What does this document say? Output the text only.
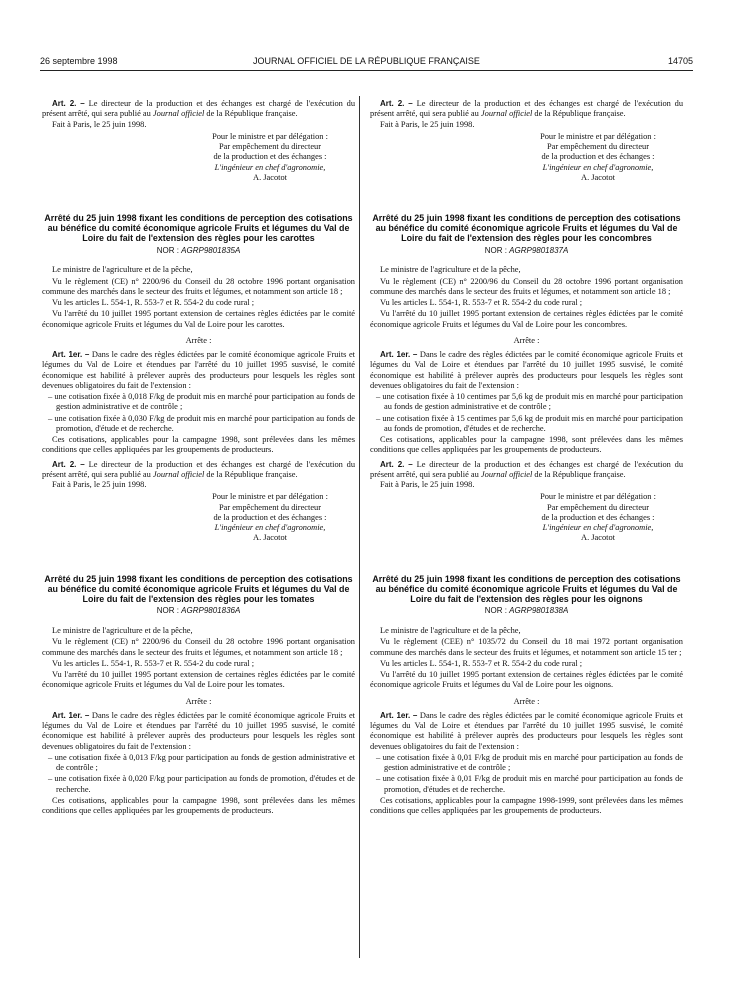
26 septembre 1998	JOURNAL OFFICIEL DE LA RÉPUBLIQUE FRANÇAISE	14705

Art. 2. – Le directeur de la production et des échanges est chargé de l'exécution du présent arrêté, qui sera publié au Journal officiel de la République française.

Fait à Paris, le 25 juin 1998.

Pour le ministre et par délégation :
Par empêchement du directeur
de la production et des échanges :
L'ingénieur en chef d'agronomie,
A. Jacotot
Arrêté du 25 juin 1998 fixant les conditions de perception des cotisations au bénéfice du comité économique agricole Fruits et légumes du Val de Loire du fait de l'extension des règles pour les carottes
NOR : AGRP9801835A

Le ministre de l'agriculture et de la pêche,

Vu le règlement (CE) n° 2200/96 du Conseil du 28 octobre 1996 portant organisation commune des marchés dans le secteur des fruits et légumes, et notamment son article 18 ;

Vu les articles L. 554-1, R. 553-7 et R. 554-2 du code rural ;

Vu l'arrêté du 10 juillet 1995 portant extension de certaines règles édictées par le comité économique agricole Fruits et légumes du Val de Loire pour les carottes.

Arrête :

Art. 1er. – Dans le cadre des règles édictées par le comité économique agricole Fruits et légumes du Val de Loire et étendues par l'arrêté du 10 juillet 1995 susvisé, le comité économique est habilité à prélever auprès des producteurs pour lesquels les règles sont devenues obligatoires du fait de l'extension :

– une cotisation fixée à 0,018 F/kg de produit mis en marché pour participation au fonds de gestion administrative et de contrôle ;
– une cotisation fixée à 0,030 F/kg de produit mis en marché pour participation au fonds de promotion, d'étude et de recherche.

Ces cotisations, applicables pour la campagne 1998, sont prélevées dans les mêmes conditions que celles appliquées par les groupements de producteurs.

Art. 2. – Le directeur de la production et des échanges est chargé de l'exécution du présent arrêté, qui sera publié au Journal officiel de la République française.

Fait à Paris, le 25 juin 1998.

Pour le ministre et par délégation :
Par empêchement du directeur
de la production et des échanges :
L'ingénieur en chef d'agronomie,
A. Jacotot
Arrêté du 25 juin 1998 fixant les conditions de perception des cotisations au bénéfice du comité économique agricole Fruits et légumes du Val de Loire du fait de l'extension des règles pour les tomates
NOR : AGRP9801836A

Le ministre de l'agriculture et de la pêche,

Vu le règlement (CE) n° 2200/96 du Conseil du 28 octobre 1996 portant organisation commune des marchés dans le secteur des fruits et légumes, et notamment son article 18 ;

Vu les articles L. 554-1, R. 553-7 et R. 554-2 du code rural ;

Vu l'arrêté du 10 juillet 1995 portant extension de certaines règles édictées par le comité économique agricole Fruits et légumes du Val de Loire pour les tomates.

Arrête :

Art. 1er. – Dans le cadre des règles édictées par le comité économique agricole Fruits et légumes du Val de Loire et étendues par l'arrêté du 10 juillet 1995 susvisé, le comité économique est habilité à prélever auprès des producteurs pour lesquels les règles sont devenues obligatoires du fait de l'extension :

– une cotisation fixée à 0,013 F/kg pour participation au fonds de gestion administrative et de contrôle ;
– une cotisation fixée à 0,020 F/kg pour participation au fonds de promotion, d'études et de recherche.

Ces cotisations, applicables pour la campagne 1998, sont prélevées dans les mêmes conditions que celles appliquées par les groupements de producteurs.

Art. 2. – Le directeur de la production et des échanges est chargé de l'exécution du présent arrêté, qui sera publié au Journal officiel de la République française.

Fait à Paris, le 25 juin 1998.

Pour le ministre et par délégation :
Par empêchement du directeur
de la production et des échanges :
L'ingénieur en chef d'agronomie,
A. Jacotot
Arrêté du 25 juin 1998 fixant les conditions de perception des cotisations au bénéfice du comité économique agricole Fruits et légumes du Val de Loire du fait de l'extension des règles pour les concombres
NOR : AGRP9801837A

Le ministre de l'agriculture et de la pêche,

Vu le règlement (CE) n° 2200/96 du Conseil du 28 octobre 1996 portant organisation commune des marchés dans le secteur des fruits et légumes, et notamment son article 18 ;

Vu les articles L. 554-1, R. 553-7 et R. 554-2 du code rural ;

Vu l'arrêté du 10 juillet 1995 portant extension de certaines règles édictées par le comité économique agricole Fruits et légumes du Val de Loire pour les concombres.

Arrête :

Art. 1er. – Dans le cadre des règles édictées par le comité économique agricole Fruits et légumes du Val de Loire et étendues par l'arrêté du 10 juillet 1995 susvisé, le comité économique est habilité à prélever auprès des producteurs pour lesquels les règles sont devenues obligatoires du fait de l'extension :

– une cotisation fixée à 10 centimes par 5,6 kg de produit mis en marché pour participation au fonds de gestion administrative et de contrôle ;
– une cotisation fixée à 15 centimes par 5,6 kg de produit mis en marché pour participation au fonds de promotion, d'études et de recherche.

Ces cotisations, applicables pour la campagne 1998, sont prélevées dans les mêmes conditions que celles appliquées par les groupements de producteurs.

Art. 2. – Le directeur de la production et des échanges est chargé de l'exécution du présent arrêté, qui sera publié au Journal officiel de la République française.

Fait à Paris, le 25 juin 1998.

Pour le ministre et par délégation :
Par empêchement du directeur
de la production et des échanges :
L'ingénieur en chef d'agronomie,
A. Jacotot
Arrêté du 25 juin 1998 fixant les conditions de perception des cotisations au bénéfice du comité économique agricole Fruits et légumes du Val de Loire du fait de l'extension des règles pour les oignons
NOR : AGRP9801838A

Le ministre de l'agriculture et de la pêche,

Vu le règlement (CEE) n° 1035/72 du Conseil du 18 mai 1972 portant organisation commune des marchés dans le secteur des fruits et légumes, et notamment son article 15 ter ;

Vu les articles L. 554-1, R. 553-7 et R. 554-2 du code rural ;

Vu l'arrêté du 10 juillet 1995 portant extension de certaines règles édictées par le comité économique agricole Fruits et légumes du Val de Loire pour les oignons.

Arrête :

Art. 1er. – Dans le cadre des règles édictées par le comité économique agricole Fruits et légumes du Val de Loire et étendues par l'arrêté du 10 juillet 1995 susvisé, le comité économique est habilité à prélever auprès des producteurs pour lesquels les règles sont devenues obligatoires du fait de l'extension :

– une cotisation fixée à 0,01 F/kg de produit mis en marché pour participation au fonds de gestion administrative et de contrôle ;
– une cotisation fixée à 0,01 F/kg de produit mis en marché pour participation au fonds de promotion, d'études et de recherche.

Ces cotisations, applicables pour la campagne 1998-1999, sont prélevées dans les mêmes conditions que celles appliquées par les groupements de producteurs.
